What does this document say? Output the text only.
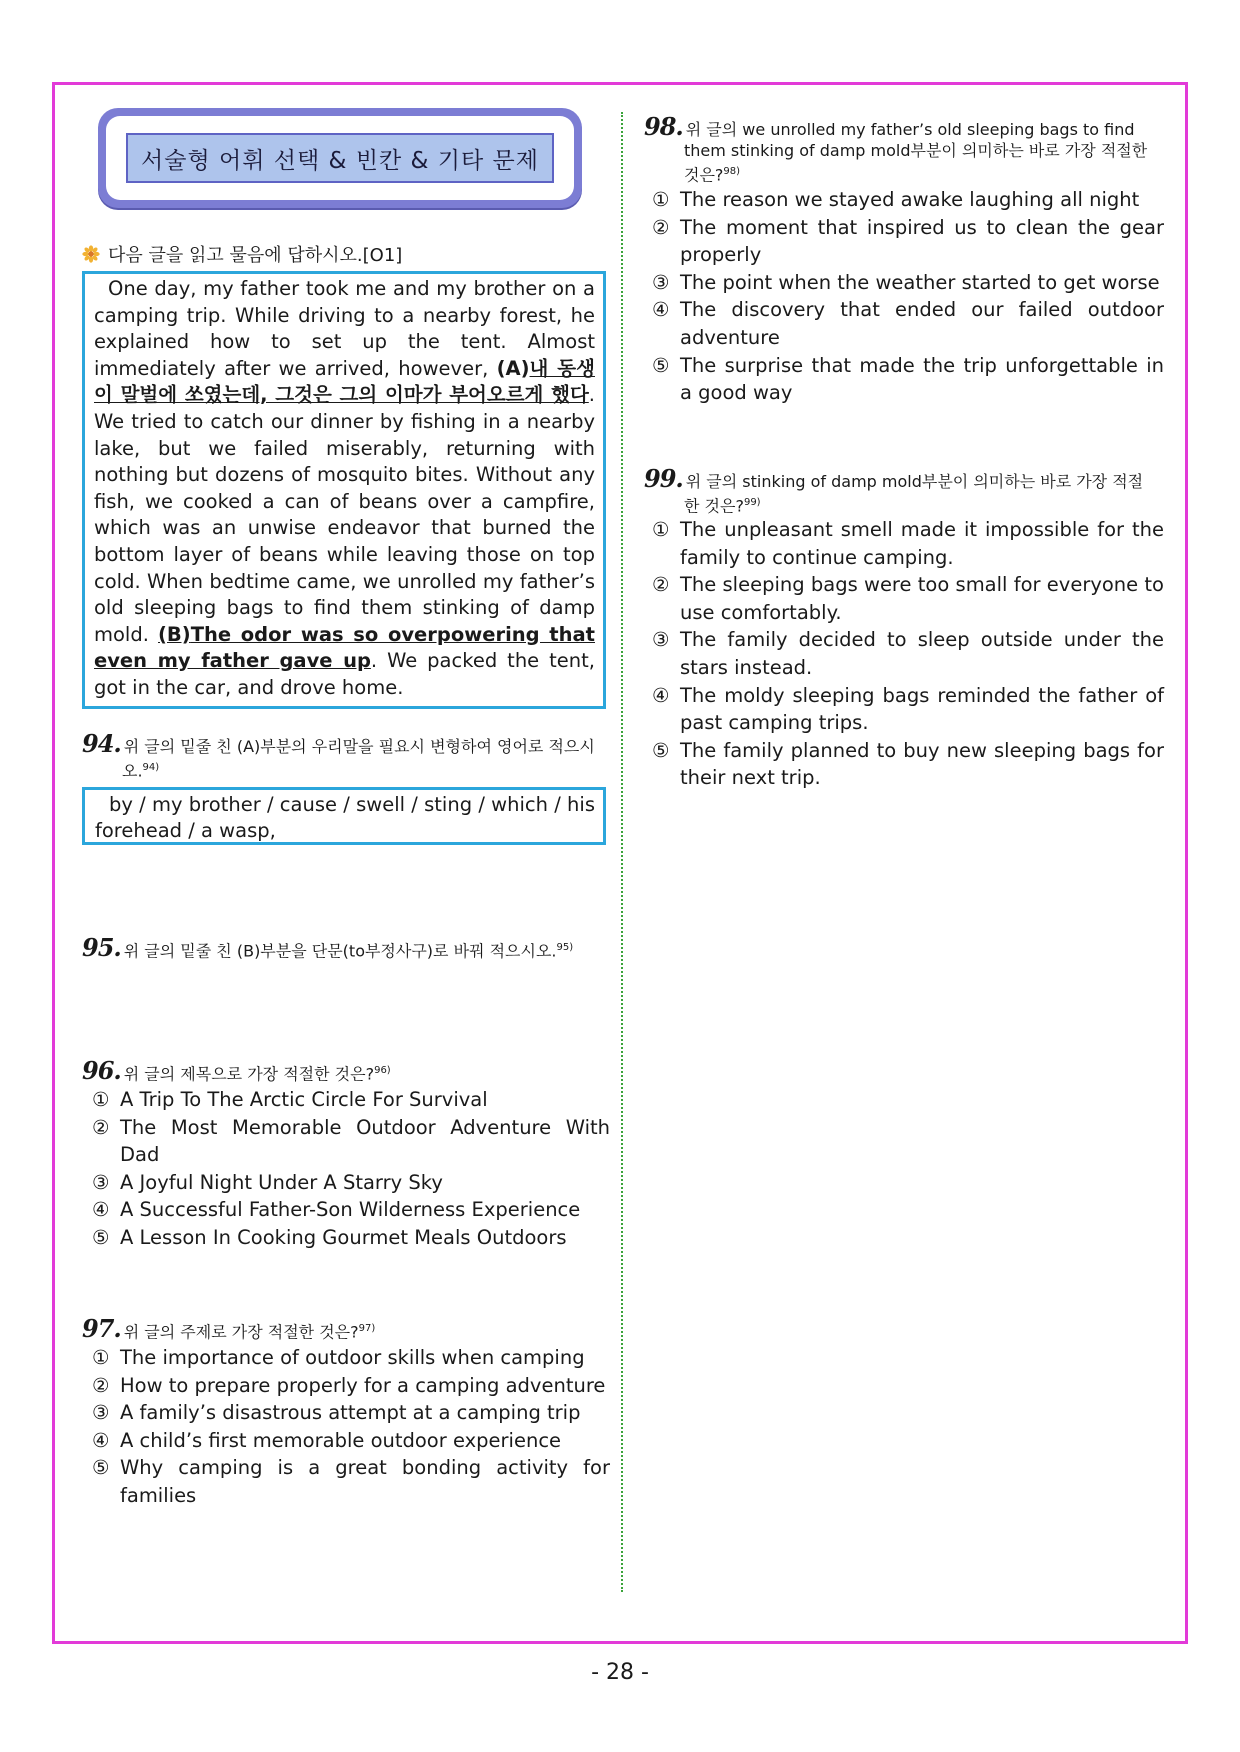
서술형 어휘 선택 & 빈칸 & 기타 문제
다음 글을 읽고 물음에 답하시오.[O1]
One day, my father took me and my brother on a camping trip. While driving to a nearby forest, he explained how to set up the tent. Almost immediately after we arrived, however, (A)내 동생이 말벌에 쏘였는데, 그것은 그의 이마가 부어오르게 했다. We tried to catch our dinner by fishing in a nearby lake, but we failed miserably, returning with nothing but dozens of mosquito bites. Without any fish, we cooked a can of beans over a campfire, which was an unwise endeavor that burned the bottom layer of beans while leaving those on top cold. When bedtime came, we unrolled my father’s old sleeping bags to find them stinking of damp mold. (B)The odor was so overpowering that even my father gave up. We packed the tent, got in the car, and drove home.
94. 위 글의 밑줄 친 (A)부분의 우리말을 필요시 변형하여 영어로 적으시
오.$^{94)}$
by / my brother / cause / swell / sting / which / his forehead / a wasp,
95. 위 글의 밑줄 친 (B)부분을 단문(to부정사구)로 바꿔 적으시오.$^{95)}$
96. 위 글의 제목으로 가장 적절한 것은?$^{96)}$
① A Trip To The Arctic Circle For Survival
② The Most Memorable Outdoor Adventure With Dad
③ A Joyful Night Under A Starry Sky
④ A Successful Father-Son Wilderness Experience
⑤ A Lesson In Cooking Gourmet Meals Outdoors
97. 위 글의 주제로 가장 적절한 것은?$^{97)}$
① The importance of outdoor skills when camping
② How to prepare properly for a camping adventure
③ A family’s disastrous attempt at a camping trip
④ A child’s first memorable outdoor experience
⑤ Why camping is a great bonding activity for families
98. 위 글의 we unrolled my father’s old sleeping bags to find
them stinking of damp mold부분이 의미하는 바로 가장 적절한 것은?$^{98)}$
① The reason we stayed awake laughing all night
② The moment that inspired us to clean the gear properly
③ The point when the weather started to get worse
④ The discovery that ended our failed outdoor adventure
⑤ The surprise that made the trip unforgettable in a good way
99. 위 글의 stinking of damp mold부분이 의미하는 바로 가장 적절
한 것은?$^{99)}$
① The unpleasant smell made it impossible for the family to continue camping.
② The sleeping bags were too small for everyone to use comfortably.
③ The family decided to sleep outside under the stars instead.
④ The moldy sleeping bags reminded the father of past camping trips.
⑤ The family planned to buy new sleeping bags for their next trip.
- 28 -
